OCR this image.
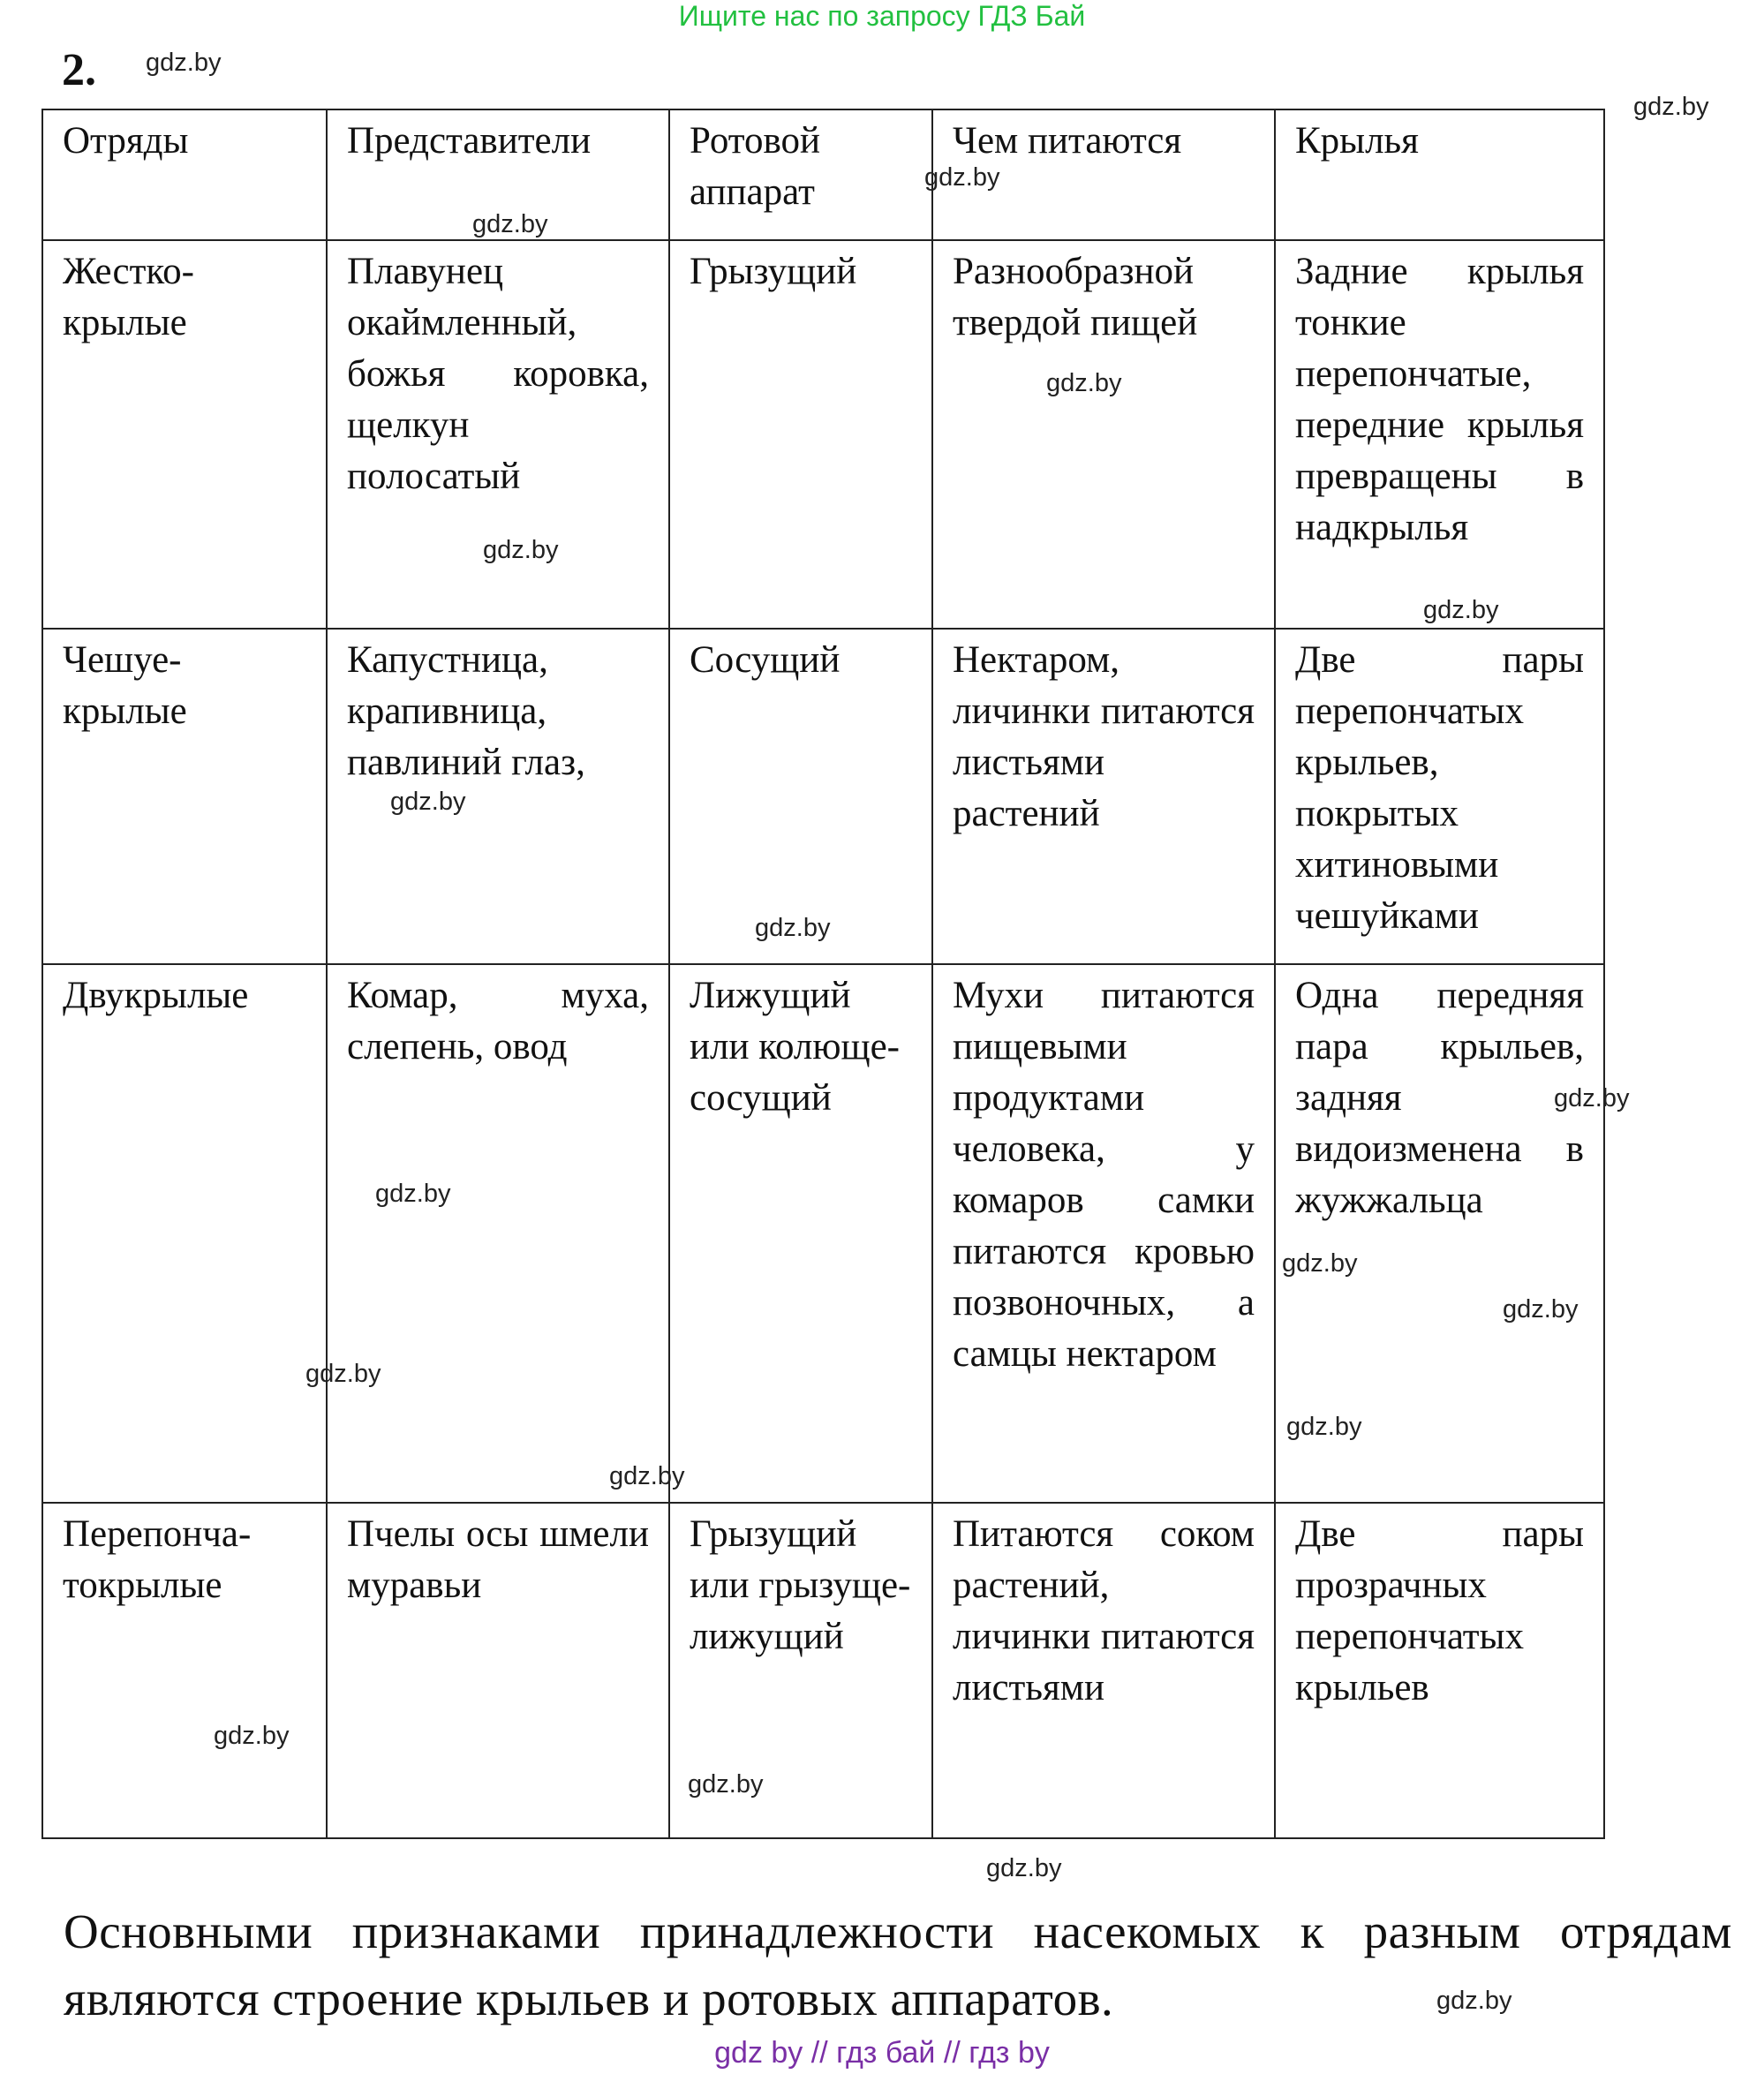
Ищите нас по запросу ГДЗ Бай
2.
Отряды	Представители	Ротовой аппарат	Чем питаются	Крылья
Жестко-
крылые	Плавунец окаймленный, божья коровка, щелкун полосатый	Грызущий	Разнообразной твердой пищей	Задние крылья тонкие перепончатые, передние крылья превращены в надкрылья
Чешуе-
крылые	Капустница, крапивница, павлиний глаз,	Сосущий	Нектаром,
личинки питаются листьями растений	Две пары перепончатых крыльев, покрытых хитиновыми чешуйками
Двукрылые	Комар, муха, слепень, овод	Лижущий или колюще-
сосущий	Мухи питаются пищевыми продуктами человека, у комаров самки питаются кровью позвоночных, а самцы нектаром	Одна передняя пара крыльев, задняя видоизменена в жужжальца
Перепонча-
токрылые	Пчелы осы шмели муравьи	Грызущий или грызуще-
лижущий	Питаются соком растений, личинки питаются листьями	Две пары прозрачных перепончатых крыльев
gdz.by
gdz.by
gdz.by
gdz.by
gdz.by
gdz.by
gdz.by
gdz.by
gdz.by
gdz.by
gdz.by
gdz.by
gdz.by
gdz.by
gdz.by
gdz.by
gdz.by
gdz.by
gdz.by
gdz.by
Основными признаками принадлежности насекомых к разным отрядам являются строение крыльев и ротовых аппаратов.
gdz by // гдз бай // гдз by
